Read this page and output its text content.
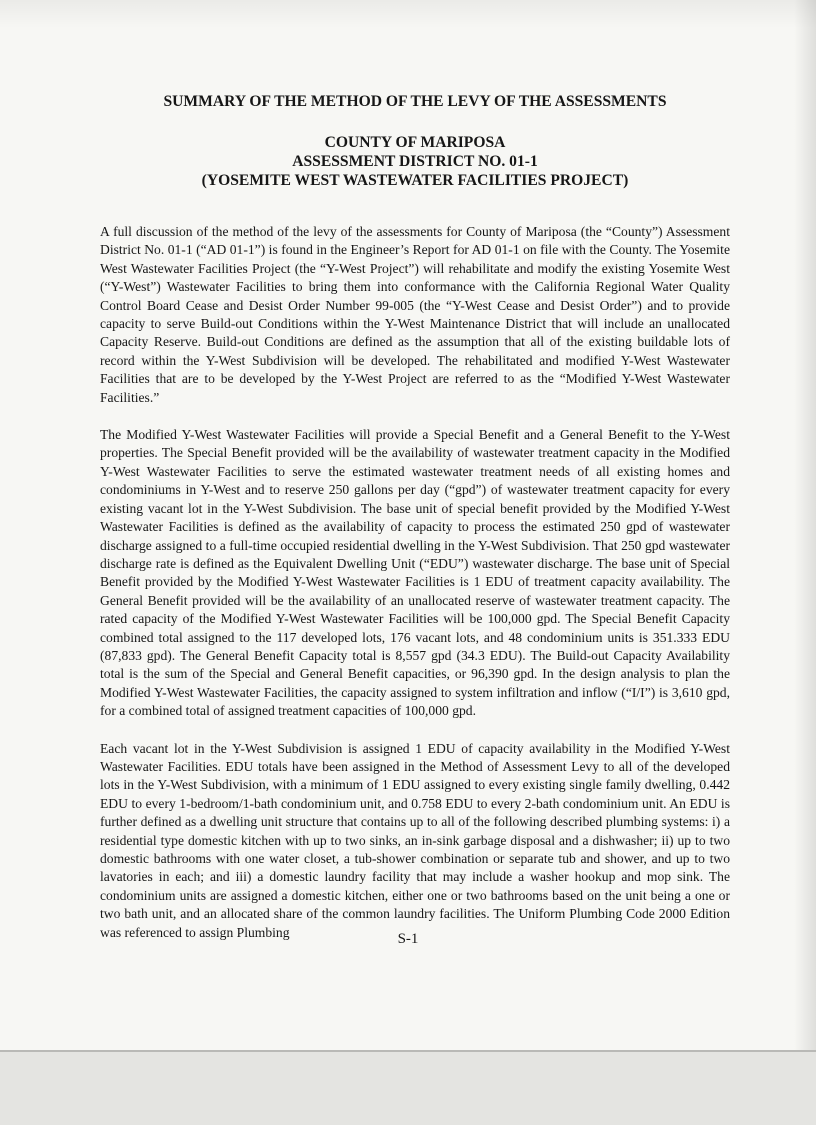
SUMMARY OF THE METHOD OF THE LEVY OF THE ASSESSMENTS
COUNTY OF MARIPOSA
ASSESSMENT DISTRICT NO. 01-1
(YOSEMITE WEST WASTEWATER FACILITIES PROJECT)

A full discussion of the method of the levy of the assessments for County of Mariposa (the “County”) Assessment District No. 01-1 (“AD 01-1”) is found in the Engineer’s Report for AD 01-1 on file with the County. The Yosemite West Wastewater Facilities Project (the “Y-West Project”) will rehabilitate and modify the existing Yosemite West (“Y-West”) Wastewater Facilities to bring them into conformance with the California Regional Water Quality Control Board Cease and Desist Order Number 99-005 (the “Y-West Cease and Desist Order”) and to provide capacity to serve Build-out Conditions within the Y-West Maintenance District that will include an unallocated Capacity Reserve. Build-out Conditions are defined as the assumption that all of the existing buildable lots of record within the Y-West Subdivision will be developed. The rehabilitated and modified Y-West Wastewater Facilities that are to be developed by the Y-West Project are referred to as the “Modified Y-West Wastewater Facilities.”

The Modified Y-West Wastewater Facilities will provide a Special Benefit and a General Benefit to the Y-West properties. The Special Benefit provided will be the availability of wastewater treatment capacity in the Modified Y-West Wastewater Facilities to serve the estimated wastewater treatment needs of all existing homes and condominiums in Y-West and to reserve 250 gallons per day (“gpd”) of wastewater treatment capacity for every existing vacant lot in the Y-West Subdivision. The base unit of special benefit provided by the Modified Y-West Wastewater Facilities is defined as the availability of capacity to process the estimated 250 gpd of wastewater discharge assigned to a full-time occupied residential dwelling in the Y-West Subdivision. That 250 gpd wastewater discharge rate is defined as the Equivalent Dwelling Unit (“EDU”) wastewater discharge. The base unit of Special Benefit provided by the Modified Y-West Wastewater Facilities is 1 EDU of treatment capacity availability. The General Benefit provided will be the availability of an unallocated reserve of wastewater treatment capacity. The rated capacity of the Modified Y-West Wastewater Facilities will be 100,000 gpd. The Special Benefit Capacity combined total assigned to the 117 developed lots, 176 vacant lots, and 48 condominium units is 351.333 EDU (87,833 gpd). The General Benefit Capacity total is 8,557 gpd (34.3 EDU). The Build-out Capacity Availability total is the sum of the Special and General Benefit capacities, or 96,390 gpd. In the design analysis to plan the Modified Y-West Wastewater Facilities, the capacity assigned to system infiltration and inflow (“I/I”) is 3,610 gpd, for a combined total of assigned treatment capacities of 100,000 gpd.

Each vacant lot in the Y-West Subdivision is assigned 1 EDU of capacity availability in the Modified Y-West Wastewater Facilities. EDU totals have been assigned in the Method of Assessment Levy to all of the developed lots in the Y-West Subdivision, with a minimum of 1 EDU assigned to every existing single family dwelling, 0.442 EDU to every 1-bedroom/1-bath condominium unit, and 0.758 EDU to every 2-bath condominium unit. An EDU is further defined as a dwelling unit structure that contains up to all of the following described plumbing systems: i) a residential type domestic kitchen with up to two sinks, an in-sink garbage disposal and a dishwasher; ii) up to two domestic bathrooms with one water closet, a tub-shower combination or separate tub and shower, and up to two lavatories in each; and iii) a domestic laundry facility that may include a washer hookup and mop sink. The condominium units are assigned a domestic kitchen, either one or two bathrooms based on the unit being a one or two bath unit, and an allocated share of the common laundry facilities. The Uniform Plumbing Code 2000 Edition was referenced to assign Plumbing	S-1
